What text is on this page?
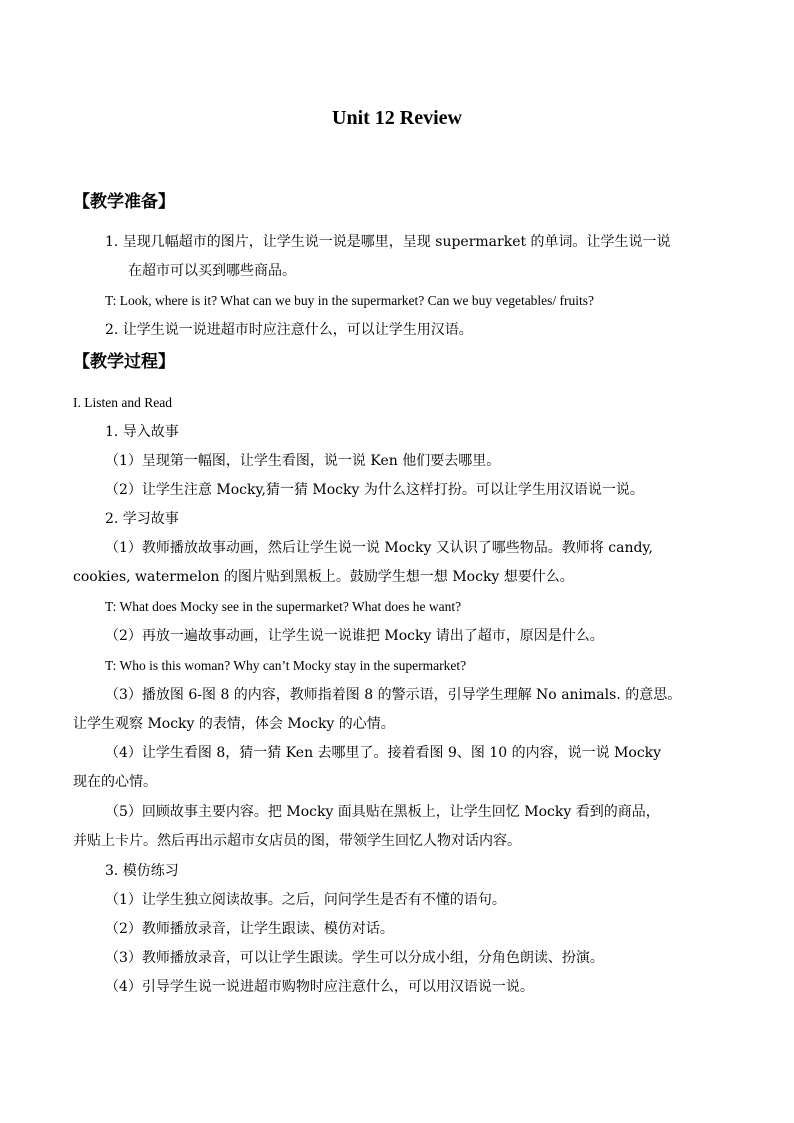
Unit 12 Review
【教学准备】
1. 呈现几幅超市的图片，让学生说一说是哪里，呈现 supermarket 的单词。让学生说一说
在超市可以买到哪些商品。
T: Look, where is it? What can we buy in the supermarket? Can we buy vegetables/ fruits?
2. 让学生说一说进超市时应注意什么，可以让学生用汉语。
【教学过程】
I. Listen and Read
1. 导入故事
（1）呈现第一幅图，让学生看图，说一说 Ken 他们要去哪里。
（2）让学生注意 Mocky,猜一猜 Mocky 为什么这样打扮。可以让学生用汉语说一说。
2. 学习故事
（1）教师播放故事动画，然后让学生说一说 Mocky 又认识了哪些物品。教师将 candy,
cookies, watermelon 的图片贴到黑板上。鼓励学生想一想 Mocky 想要什么。
T: What does Mocky see in the supermarket? What does he want?
（2）再放一遍故事动画，让学生说一说谁把 Mocky 请出了超市，原因是什么。
T: Who is this woman? Why can’t Mocky stay in the supermarket?
（3）播放图 6-图 8 的内容，教师指着图 8 的警示语，引导学生理解 No animals. 的意思。
让学生观察 Mocky 的表情，体会 Mocky 的心情。
（4）让学生看图 8，猜一猜 Ken 去哪里了。接着看图 9、图 10 的内容，说一说 Mocky
现在的心情。
（5）回顾故事主要内容。把 Mocky 面具贴在黑板上，让学生回忆 Mocky 看到的商品，
并贴上卡片。然后再出示超市女店员的图，带领学生回忆人物对话内容。
3. 模仿练习
（1）让学生独立阅读故事。之后，问问学生是否有不懂的语句。
（2）教师播放录音，让学生跟读、模仿对话。
（3）教师播放录音，可以让学生跟读。学生可以分成小组，分角色朗读、扮演。
（4）引导学生说一说进超市购物时应注意什么，可以用汉语说一说。
